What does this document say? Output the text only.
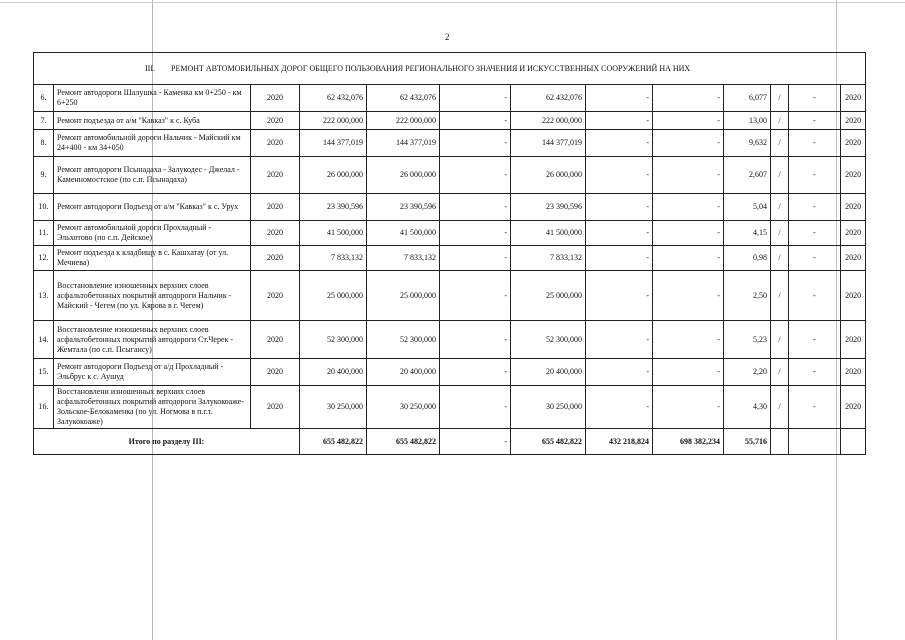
2
III. РЕМОНТ АВТОМОБИЛЬНЫХ ДОРОГ ОБЩЕГО ПОЛЬЗОВАНИЯ РЕГИОНАЛЬНОГО ЗНАЧЕНИЯ И ИСКУССТВЕННЫХ СООРУЖЕНИЙ НА НИХ												
6.	Ремонт автодороги Шалушка - Каменка км 0+250 - км 6+250	2020	62 432,076	62 432,076	-	62 432,076	-	-	6,077	/	-	2020
7.	Ремонт подъезда от а/м "Кавказ" к с. Куба	2020	222 000,000	222 000,000	-	222 000,000	-	-	13,00	/	-	2020
8.	Ремонт автомобильной дороги Нальчик - Майский км 24+400 - км 34+050	2020	144 377,019	144 377,019	-	144 377,019	-	-	9,632	/	-	2020
9.	Ремонт автодороги Псынадаха - Залукодес - Джелал - Каменномостское (по с.п. Псынадаха)	2020	26 000,000	26 000,000	-	26 000,000	-	-	2,607	/	-	2020
10.	Ремонт автодороги Подъезд от а/м "Кавказ" к с. Урух	2020	23 390,596	23 390,596	-	23 390,596	-	-	5,04	/	-	2020
11.	Ремонт автомобильной дороги Прохладный - Эльхотово (по с.п. Дейское)	2020	41 500,000	41 500,000	-	41 500,000	-	-	4,15	/	-	2020
12.	Ремонт подъезда к кладбищу в с. Кашхатау (от ул. Мечиева)	2020	7 833,132	7 833,132	-	7 833,132	-	-	0,98	/	-	2020
13.	Восстановление изношенных верхних слоев асфальтобетонных покрытий автодороги Нальчик - Майский - Чегем (по ул. Кярова в г. Чегем)	2020	25 000,000	25 000,000	-	25 000,000	-	-	2,50	/	-	2020
14.	Восстановление изношенных верхних слоев асфальтобетонных покрытий автодороги Ст.Черек - Жемтала (по с.п. Псыгансу)	2020	52 300,000	52 300,000	-	52 300,000	-	-	5,23	/	-	2020
15.	Ремонт автодороги Подъезд от а/д Прохладный - Эльбрус к с. Аушуд	2020	20 400,000	20 400,000	-	20 400,000	-	-	2,20	/	-	2020
16.	Восстановлени изношенных верхних слоев асфальтобетонных покрытий автодороги Залукокоаже-Зольское-Белокаменка (по ул. Ногмова в п.г.т. Залукокоаже)	2020	30 250,000	30 250,000	-	30 250,000	-	-	4,30	/	-	2020
Итого по разделу III:			655 482,822	655 482,822	-	655 482,822	432 218,824	698 382,234	55,716			
